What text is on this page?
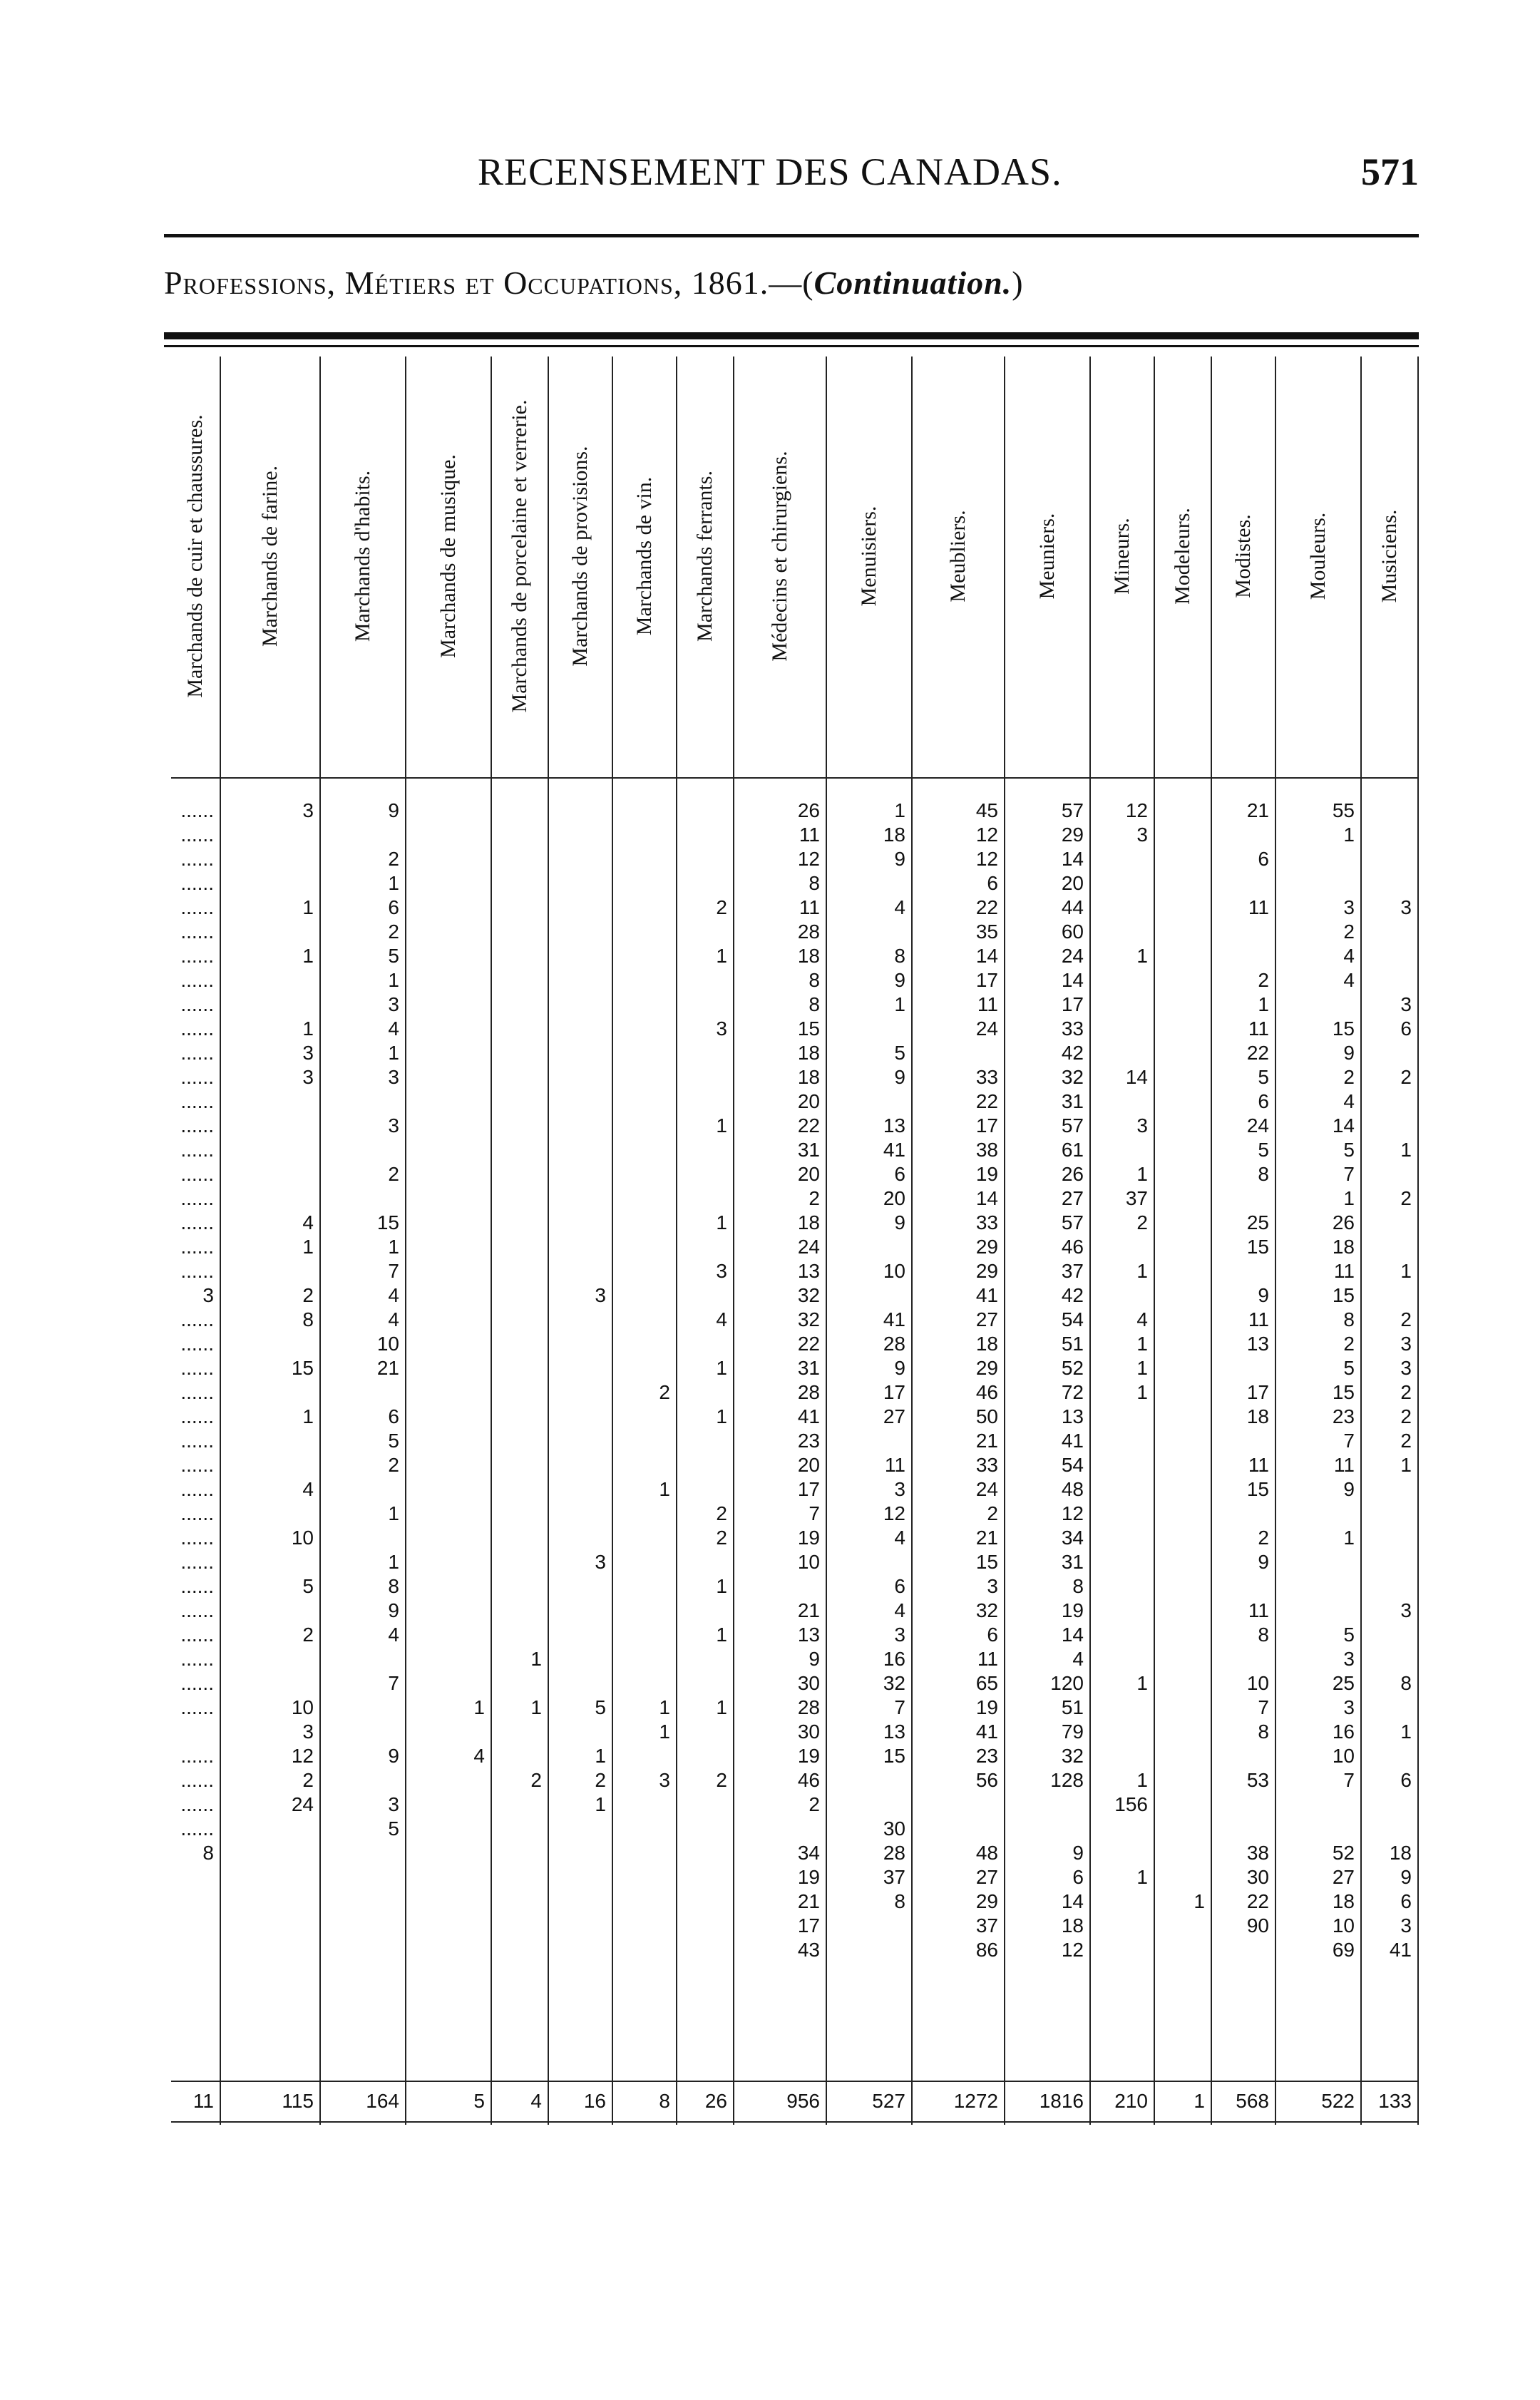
RECENSEMENT DES CANADAS.	571
Professions, Métiers et Occupations, 1861.—(Continuation.)
Marchands de cuir et chaussures.
......
......
......
......
......
......
......
......
......
......
......
......
......
......
......
......
......
......
......
......
3
......
......
......
......
......
......
......
......
......
......
......
......
......
......
......
......
......
......
......
......
......
8
11
Marchands de farine.
3
1
1
1
3
3
4
1
2
8
15
1
4
10
5
2
10
3
12
2
24
115
Marchands d'habits.
9
2
1
6
2
5
1
3
4
1
3
3
2
15
1
7
4
4
10
21
6
5
2
1
1
8
9
4
7
9
3
5
164
Marchands de musique.
1
4
5
Marchands de porcelaine et verrerie.
1
1
2
4
Marchands de provisions.
3
3
5
1
2
1
16
Marchands de vin.
2
1
1
1
3
8
Marchands ferrants.
2
1
3
1
1
3
4
1
1
2
2
1
1
1
2
26
Médecins et chirurgiens.
26
11
12
8
11
28
18
8
8
15
18
18
20
22
31
20
2
18
24
13
32
32
22
31
28
41
23
20
17
7
19
10
21
13
9
30
28
30
19
46
2
34
19
21
17
43
956
Menuisiers.
1
18
9
4
8
9
1
5
9
13
41
6
20
9
10
41
28
9
17
27
11
3
12
4
6
4
3
16
32
7
13
15
30
28
37
8
527
Meubliers.
45
12
12
6
22
35
14
17
11
24
33
22
17
38
19
14
33
29
29
41
27
18
29
46
50
21
33
24
2
21
15
3
32
6
11
65
19
41
23
56
48
27
29
37
86
1272
Meuniers.
57
29
14
20
44
60
24
14
17
33
42
32
31
57
61
26
27
57
46
37
42
54
51
52
72
13
41
54
48
12
34
31
8
19
14
4
120
51
79
32
128
9
6
14
18
12
1816
Mineurs.
12
3
1
14
3
1
37
2
1
4
1
1
1
1
1
156
1
210
Modeleurs.
1
1
Modistes.
21
6
11
2
1
11
22
5
6
24
5
8
25
15
9
11
13
17
18
11
15
2
9
11
8
10
7
8
53
38
30
22
90
568
Mouleurs.
55
1
3
2
4
4
15
9
2
4
14
5
7
1
26
18
11
15
8
2
5
15
23
7
11
9
1
5
3
25
3
16
10
7
52
27
18
10
69
522
Musiciens.
3
3
6
2
1
2
1
2
3
3
2
2
2
1
3
8
1
6
18
9
6
3
41
133
